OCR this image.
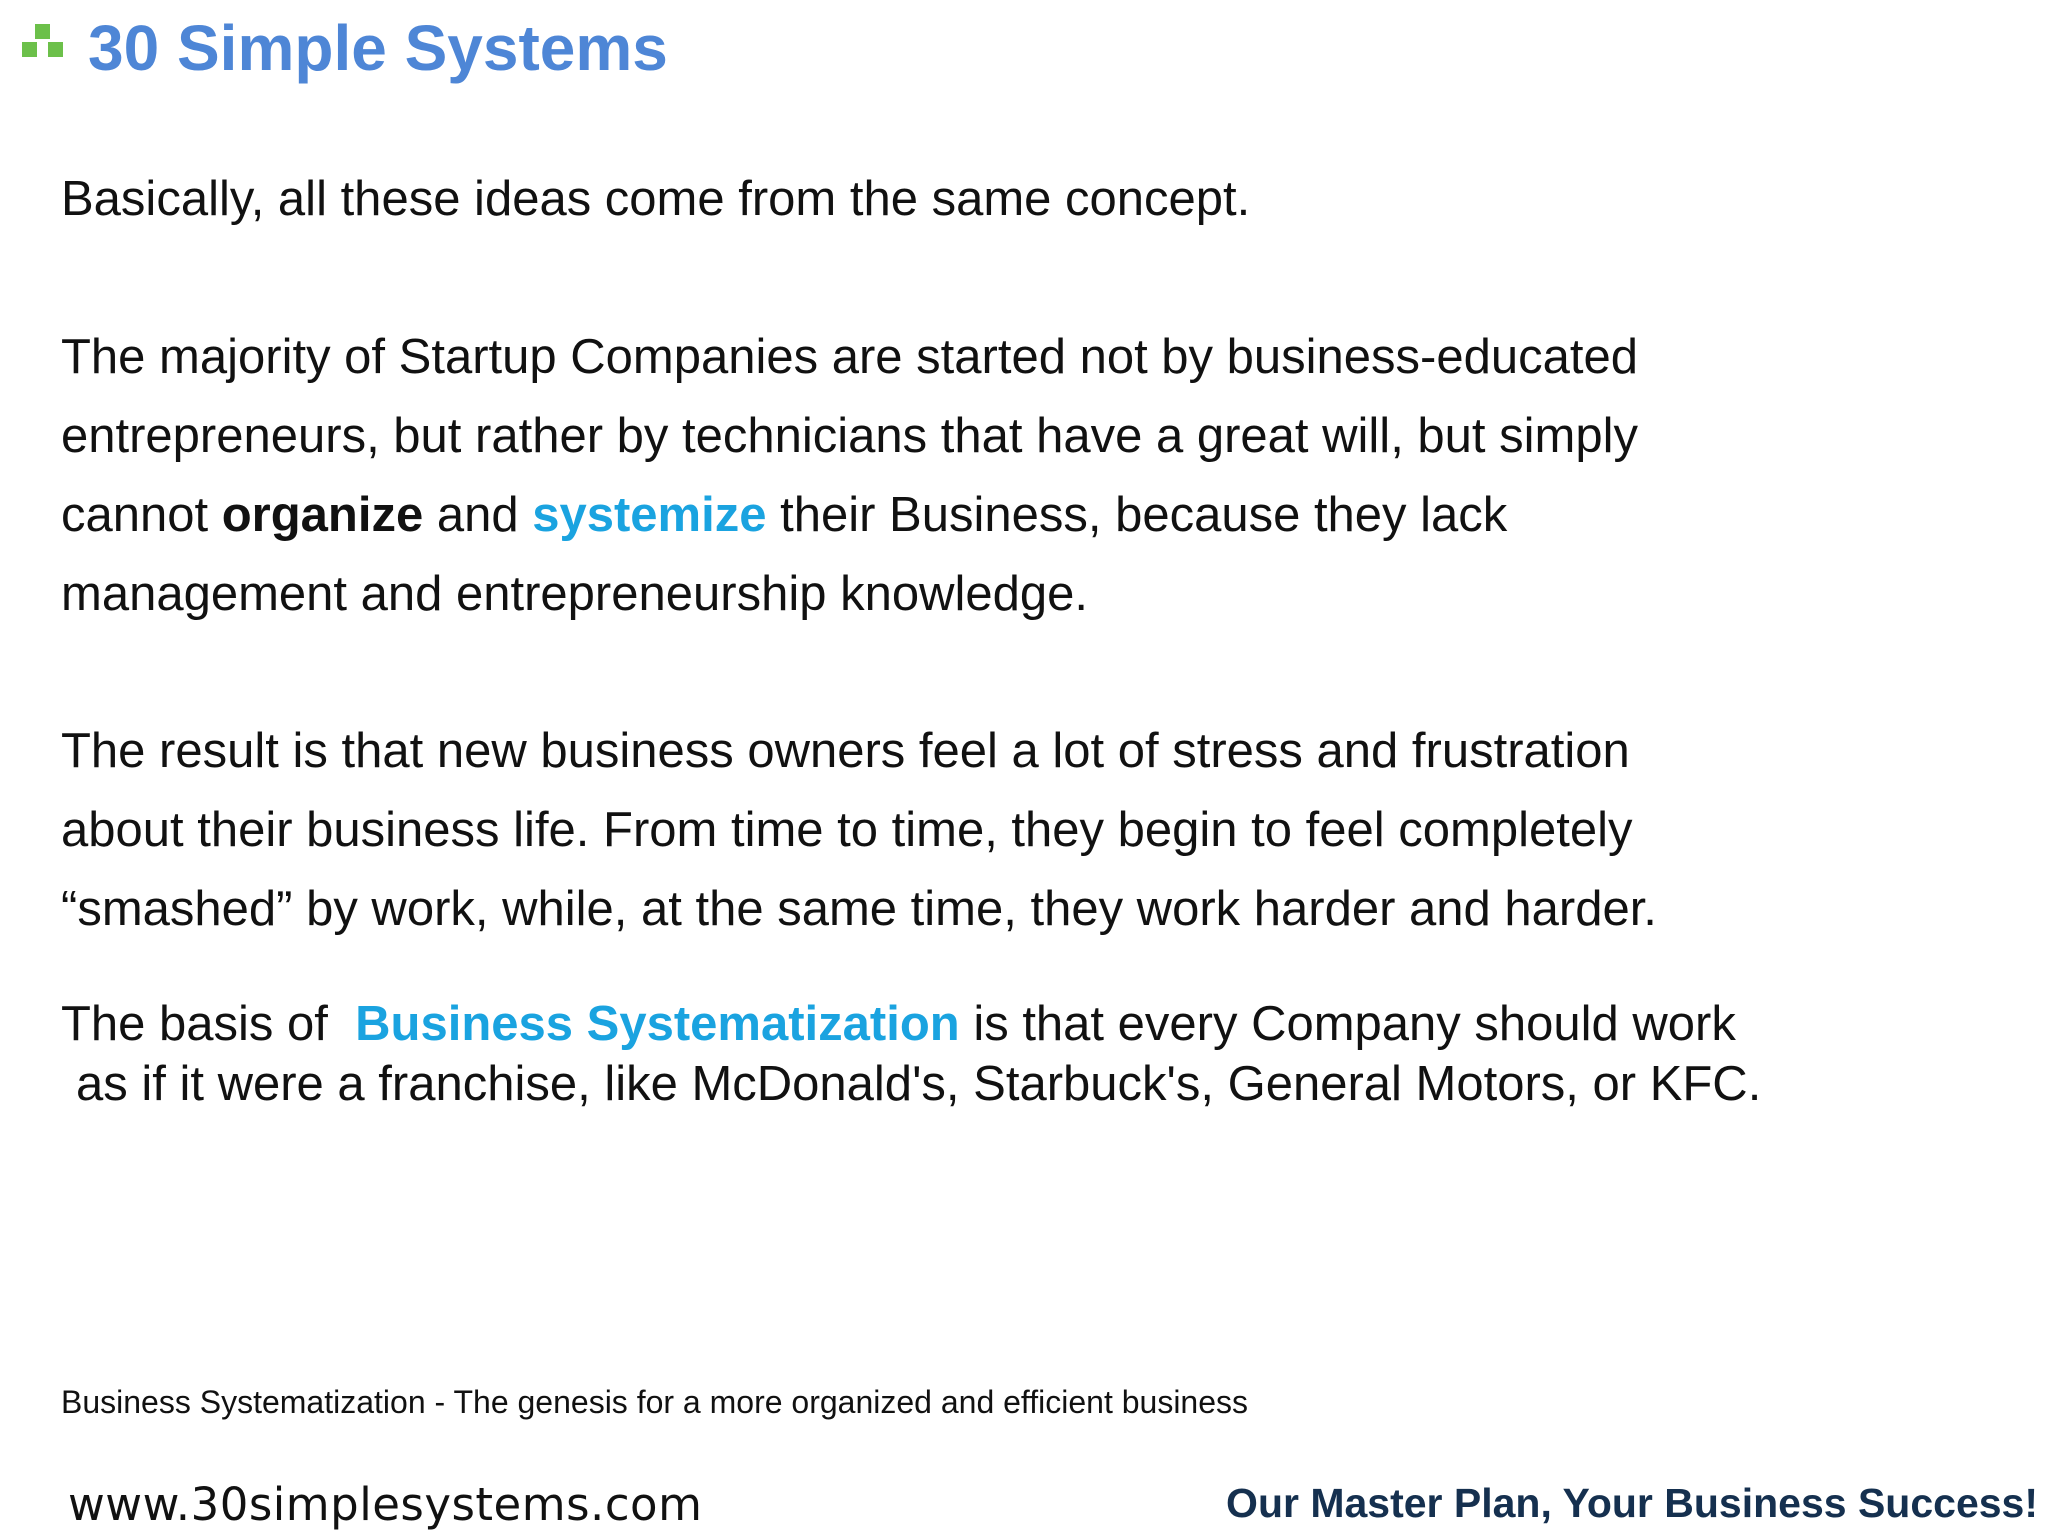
30 Simple Systems

Basically, all these ideas come from the same concept.

The majority of Startup Companies are started not by business-educated
entrepreneurs, but rather by technicians that have a great will, but simply
cannot organize and systemize their Business, because they lack
management and entrepreneurship knowledge.

The result is that new business owners feel a lot of stress and frustration
about their business life. From time to time, they begin to feel completely
“smashed” by work, while, at the same time, they work harder and harder.

The basis of  Business Systematization is that every Company should work
as if it were a franchise, like McDonald's, Starbuck's, General Motors, or KFC.

Business Systematization - The genesis for a more organized and efficient business

www.30simplesystems.com	Our Master Plan, Your Business Success!
